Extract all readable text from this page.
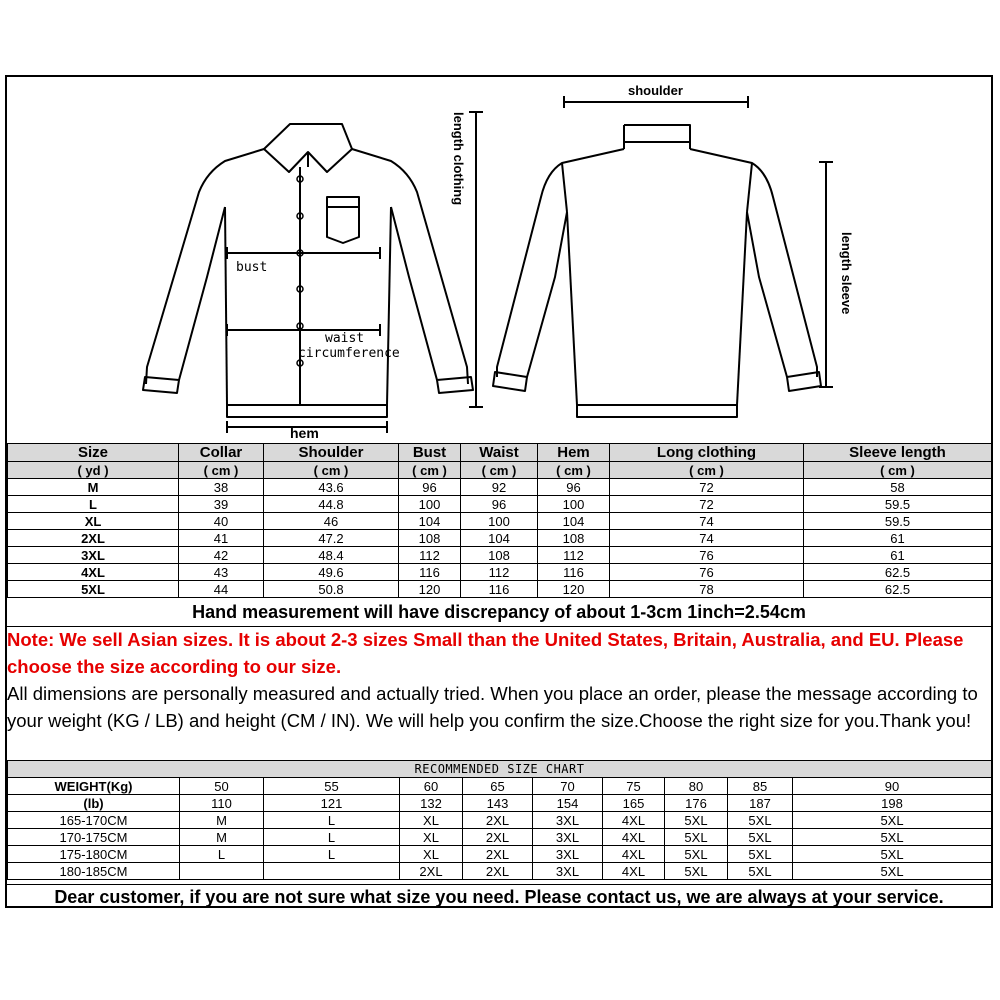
shoulder
length clothing
length sleeve
bust
waist
circumference
hem
Size	Collar	Shoulder	Bust	Waist	Hem	Long clothing	Sleeve length
( yd )	( cm )	( cm )	( cm )	( cm )	( cm )	( cm )	( cm )
M	38	43.6	96	92	96	72	58
L	39	44.8	100	96	100	72	59.5
XL	40	46	104	100	104	74	59.5
2XL	41	47.2	108	104	108	74	61
3XL	42	48.4	112	108	112	76	61
4XL	43	49.6	116	112	116	76	62.5
5XL	44	50.8	120	116	120	78	62.5
Hand measurement will have discrepancy of about 1-3cm 1inch=2.54cm

Note: We sell Asian sizes. It is about 2-3 sizes Small than the United States, Britain, Australia, and EU. Please choose the size according to our size.

All dimensions are personally measured and actually tried. When you place an order, please the message according to your weight (KG / LB) and height (CM / IN). We will help you confirm the size.Choose the right size for you.Thank you!

RECOMMENDED SIZE CHART									
WEIGHT(Kg)	50	55	60	65	70	75	80	85	90
(lb)	110	121	132	143	154	165	176	187	198
165-170CM	M	L	XL	2XL	3XL	4XL	5XL	5XL	5XL
170-175CM	M	L	XL	2XL	3XL	4XL	5XL	5XL	5XL
175-180CM	L	L	XL	2XL	3XL	4XL	5XL	5XL	5XL
180-185CM			2XL	2XL	3XL	4XL	5XL	5XL	5XL
Dear customer, if you are not sure what size you need. Please contact us, we are always at your service.
